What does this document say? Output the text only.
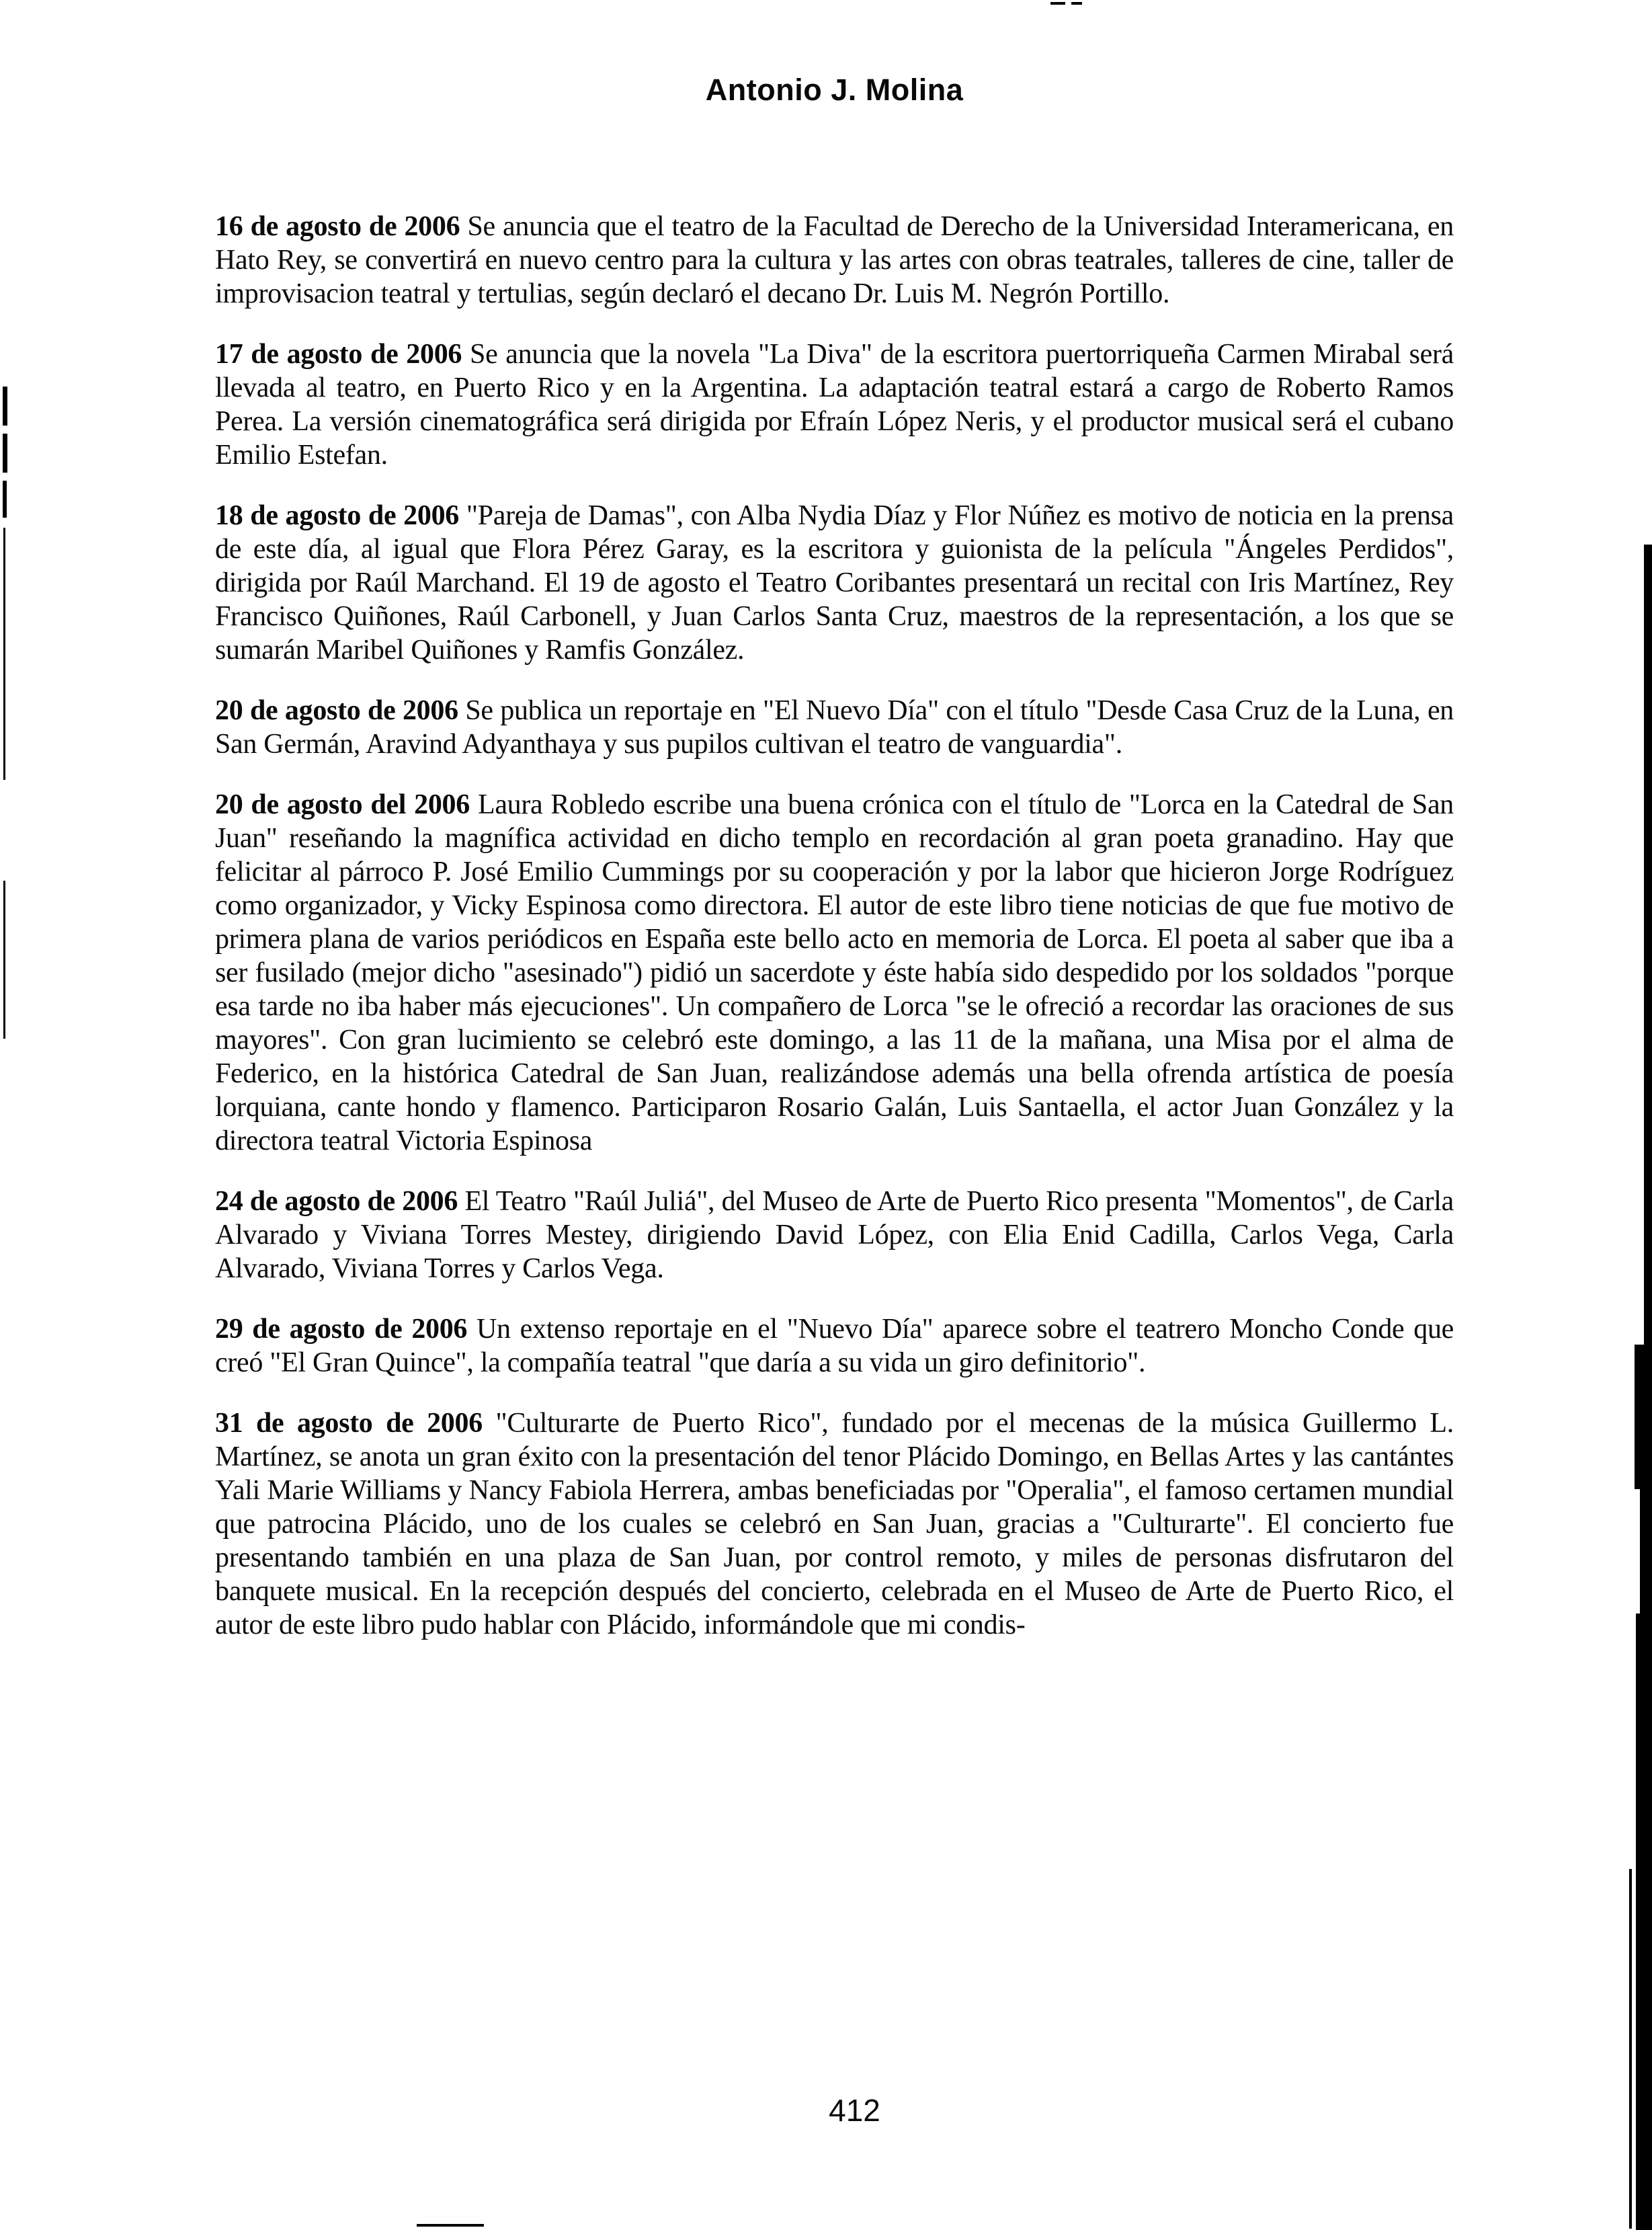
Antonio J. Molina

16 de agosto de 2006 Se anuncia que el teatro de la Facultad de Derecho de la Universidad Interamericana, en Hato Rey, se convertirá en nuevo centro para la cultura y las artes con obras teatrales, talleres de cine, taller de improvisacion teatral y tertulias, según declaró el decano Dr. Luis M. Negrón Portillo.

17 de agosto de 2006 Se anuncia que la novela "La Diva" de la escritora puertorriqueña Carmen Mirabal será llevada al teatro, en Puerto Rico y en la Argentina. La adaptación teatral estará a cargo de Roberto Ramos Perea. La versión cinematográfica será dirigida por Efraín López Neris, y el productor musical será el cubano Emilio Estefan.

18 de agosto de 2006 "Pareja de Damas", con Alba Nydia Díaz y Flor Núñez es motivo de noticia en la prensa de este día, al igual que Flora Pérez Garay, es la escritora y guionista de la película "Ángeles Perdidos", dirigida por Raúl Marchand. El 19 de agosto el Teatro Coribantes presentará un recital con Iris Martínez, Rey Francisco Quiñones, Raúl Carbonell, y Juan Carlos Santa Cruz, maestros de la representación, a los que se sumarán Maribel Quiñones y Ramfis González.

20 de agosto de 2006 Se publica un reportaje en "El Nuevo Día" con el título "Desde Casa Cruz de la Luna, en San Germán, Aravind Adyanthaya y sus pupilos cultivan el teatro de vanguardia".

20 de agosto del 2006 Laura Robledo escribe una buena crónica con el título de "Lorca en la Catedral de San Juan" reseñando la magnífica actividad en dicho templo en recordación al gran poeta granadino. Hay que felicitar al párroco P. José Emilio Cummings por su cooperación y por la labor que hicieron Jorge Rodríguez como organizador, y Vicky Espinosa como directora. El autor de este libro tiene noticias de que fue motivo de primera plana de varios periódicos en España este bello acto en memoria de Lorca. El poeta al saber que iba a ser fusilado (mejor dicho "asesinado") pidió un sacerdote y éste había sido despedido por los soldados "porque esa tarde no iba haber más ejecuciones". Un compañero de Lorca "se le ofreció a recordar las oraciones de sus mayores". Con gran lucimiento se celebró este domingo, a las 11 de la mañana, una Misa por el alma de Federico, en la histórica Catedral de San Juan, realizándose además una bella ofrenda artística de poesía lorquiana, cante hondo y flamenco. Participaron Rosario Galán, Luis Santaella, el actor Juan González y la directora teatral Victoria Espinosa

24 de agosto de 2006 El Teatro "Raúl Juliá", del Museo de Arte de Puerto Rico presenta "Momentos", de Carla Alvarado y Viviana Torres Mestey, dirigiendo David López, con Elia Enid Cadilla, Carlos Vega, Carla Alvarado, Viviana Torres y Carlos Vega.

29 de agosto de 2006 Un extenso reportaje en el "Nuevo Día" aparece sobre el teatrero Moncho Conde que creó "El Gran Quince", la compañía teatral "que daría a su vida un giro definitorio".

31 de agosto de 2006 "Culturarte de Puerto Rico", fundado por el mecenas de la música Guillermo L. Martínez, se anota un gran éxito con la presentación del tenor Plácido Domingo, en Bellas Artes y las cantántes Yali Marie Williams y Nancy Fabiola Herrera, ambas beneficiadas por "Operalia", el famoso certamen mundial que patrocina Plácido, uno de los cuales se celebró en San Juan, gracias a "Culturarte". El concierto fue presentando también en una plaza de San Juan, por control remoto, y miles de personas disfrutaron del banquete musical. En la recepción después del concierto, celebrada en el Museo de Arte de Puerto Rico, el autor de este libro pudo hablar con Plácido, informándole que mi condis-

412
